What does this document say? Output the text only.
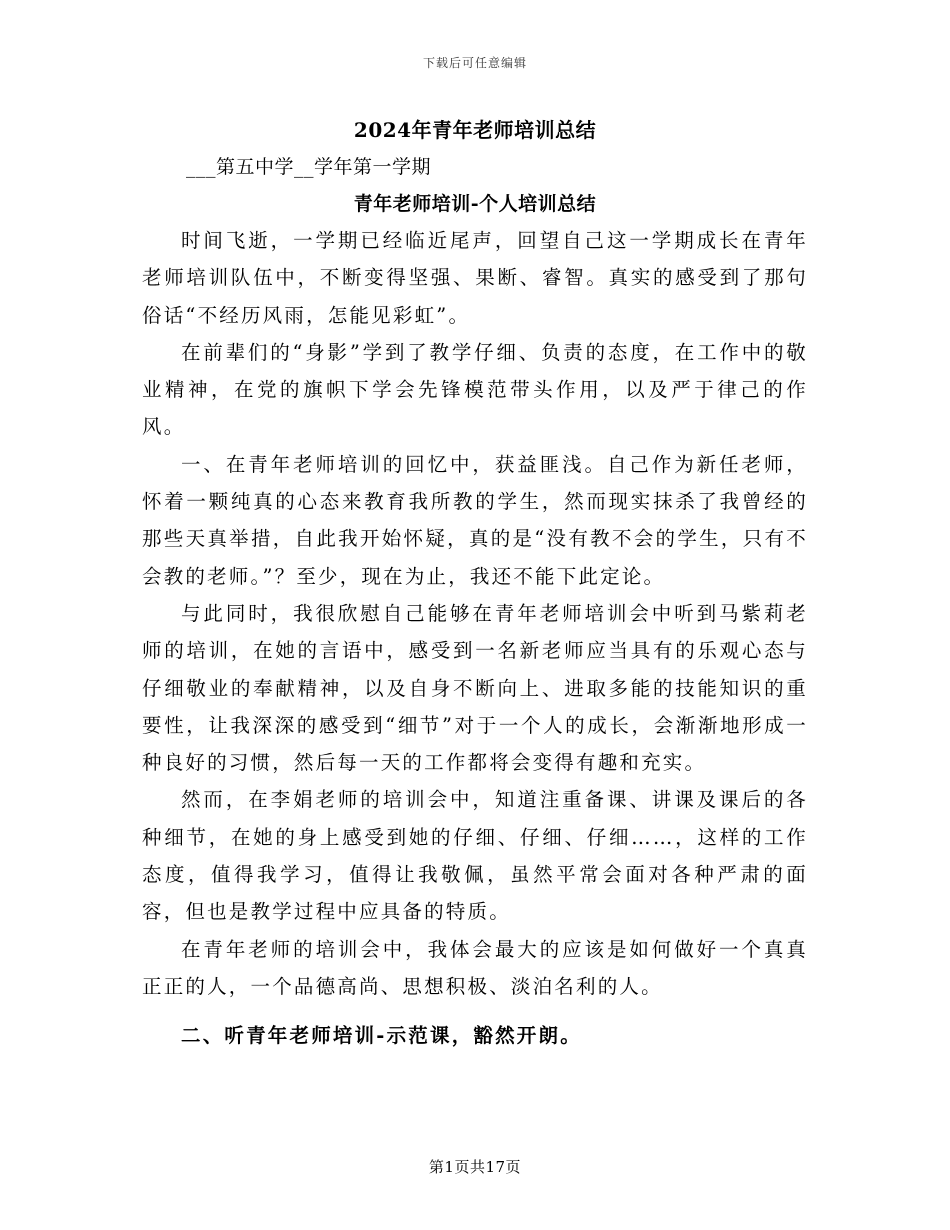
下载后可任意编辑
2024年青年老师培训总结
___第五中学__学年第一学期
青年老师培训-个人培训总结

时间飞逝，一学期已经临近尾声，回望自己这一学期成长在青年老师培训队伍中，不断变得坚强、果断、睿智。真实的感受到了那句俗话“不经历风雨，怎能见彩虹”。

在前辈们的“身影”学到了教学仔细、负责的态度，在工作中的敬业精神，在党的旗帜下学会先锋模范带头作用，以及严于律己的作风。

一、在青年老师培训的回忆中，获益匪浅。自己作为新任老师，怀着一颗纯真的心态来教育我所教的学生，然而现实抹杀了我曾经的那些天真举措，自此我开始怀疑，真的是“没有教不会的学生，只有不会教的老师。”？至少，现在为止，我还不能下此定论。

与此同时，我很欣慰自己能够在青年老师培训会中听到马紫莉老师的培训，在她的言语中，感受到一名新老师应当具有的乐观心态与仔细敬业的奉献精神，以及自身不断向上、进取多能的技能知识的重要性，让我深深的感受到“细节”对于一个人的成长，会渐渐地形成一种良好的习惯，然后每一天的工作都将会变得有趣和充实。

然而，在李娟老师的培训会中，知道注重备课、讲课及课后的各种细节，在她的身上感受到她的仔细、仔细、仔细……，这样的工作态度，值得我学习，值得让我敬佩，虽然平常会面对各种严肃的面容，但也是教学过程中应具备的特质。

在青年老师的培训会中，我体会最大的应该是如何做好一个真真正正的人，一个品德高尚、思想积极、淡泊名利的人。

二、听青年老师培训-示范课，豁然开朗。

第1页共17页
